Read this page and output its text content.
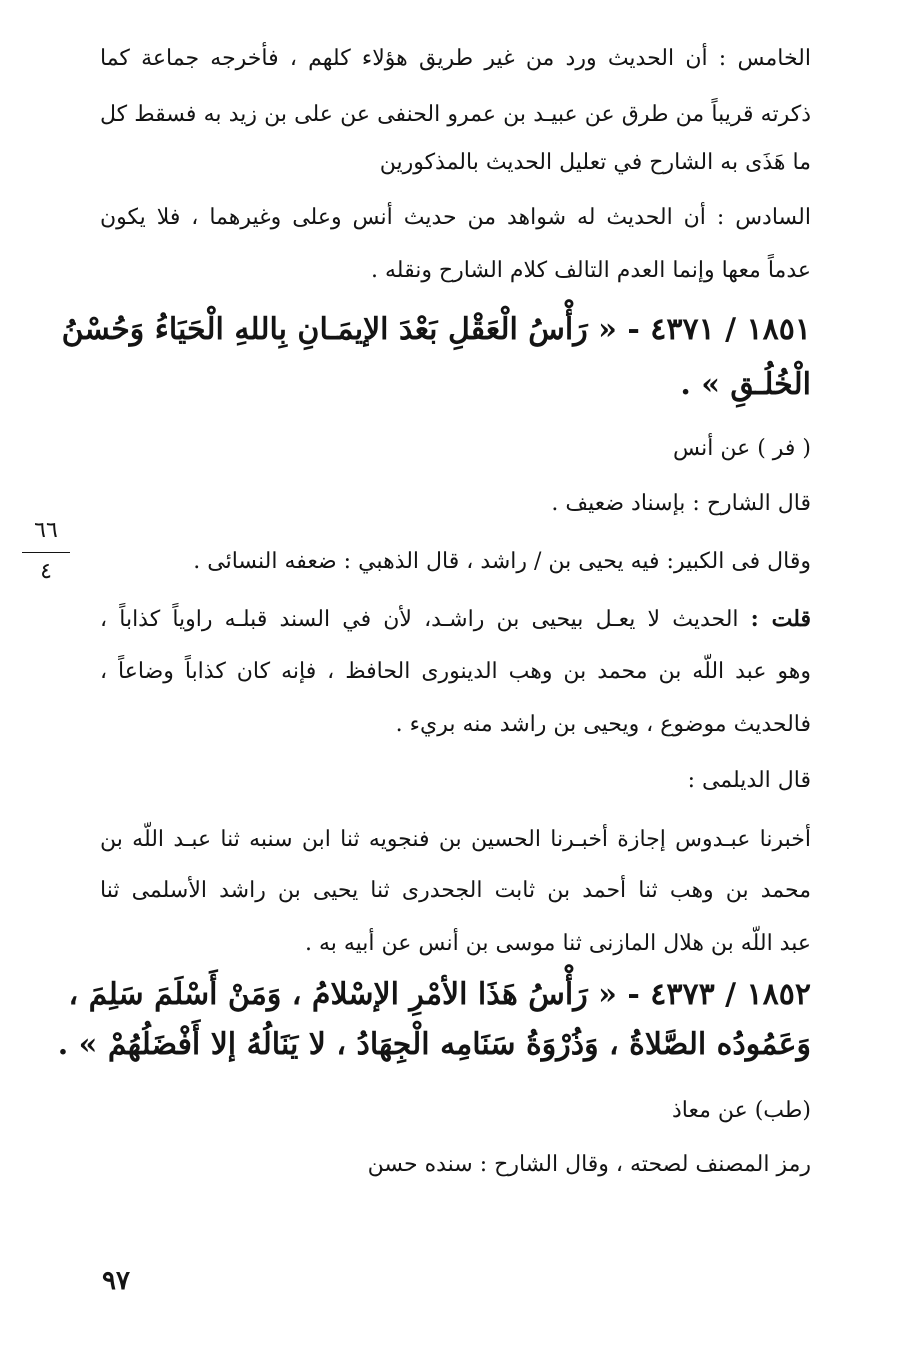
الخامس : أن الحديث ورد من غير طريق هؤلاء كلهم ، فأخرجه جماعة كما
ذكرته قريباً من طرق عن عبيـد بن عمرو الحنفى عن على بن زيد به فسقط كل
ما هَذَى به الشارح في تعليل الحديث بالمذكورين
السادس : أن الحديث له شواهد من حديث أنس وعلى وغيرهما ، فلا يكون
عدماً معها وإنما العدم التالف كلام الشارح ونقله .
١٨٥١ / ٤٣٧١ - « رَأْسُ الْعَقْلِ بَعْدَ الإيمَـانِ بِاللهِ الْحَيَاءُ وَحُسْنُ
الْخُلُـقِ » .
( فر ) عن أنس
قال الشارح : بإسناد ضعيف .
وقال فى الكبير: فيه يحيى بن / راشد ، قال الذهبي : ضعفه النسائى .
قلت : الحديث لا يعـل بيحيى بن راشـد، لأن في السند قبلـه راوياً كذاباً ،
وهو عبد اللّه بن محمد بن وهب الدينورى الحافظ ، فإنه كان كذاباً وضاعاً ،
فالحديث موضوع ، ويحيى بن راشد منه بريء .
قال الديلمى :
أخبرنا عبـدوس إجازة أخبـرنا الحسين بن فنجويه ثنا ابن سنبه ثنا عبـد اللّه بن
محمد بن وهب ثنا أحمد بن ثابت الجحدرى ثنا يحيى بن راشد الأسلمى ثنا
عبد اللّه بن هلال المازنى ثنا موسى بن أنس عن أبيه به .
١٨٥٢ / ٤٣٧٣ - « رَأْسُ هَذَا الأمْرِ الإسْلامُ ، وَمَنْ أَسْلَمَ سَلِمَ ،
وَعَمُودُه الصَّلاةُ ، وَذُرْوَةُ سَنَامِه الْجِهَادُ ، لا يَنَالُهُ إلا أَفْضَلُهُمْ » .
(طب) عن معاذ
رمز المصنف لصحته ، وقال الشارح : سنده حسن
٦٦
٤
٩٧
